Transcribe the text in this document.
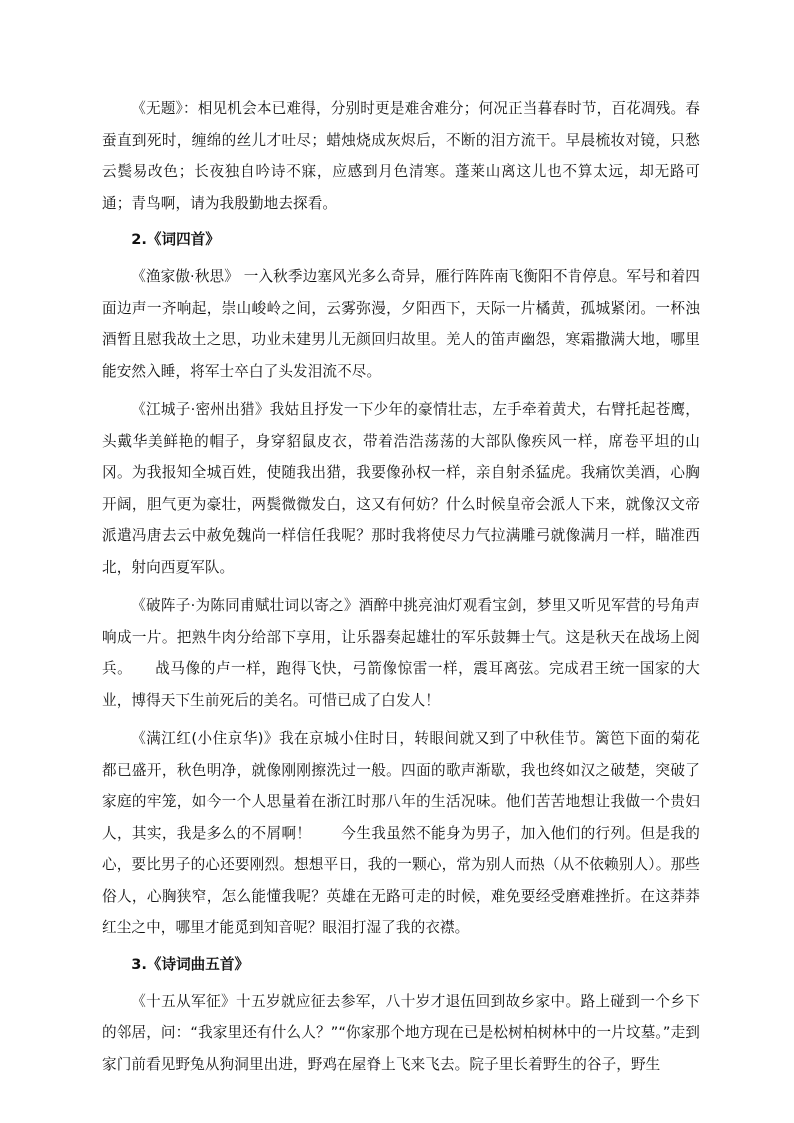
《无题》：相见机会本已难得，分别时更是难舍难分；何况正当暮春时节，百花凋残。春蚕直到死时，缠绵的丝儿才吐尽；蜡烛烧成灰烬后，不断的泪方流干。早晨梳妆对镜，只愁云鬓易改色；长夜独自吟诗不寐，应感到月色清寒。蓬莱山离这儿也不算太远，却无路可通；青鸟啊，请为我殷勤地去探看。

2.《词四首》

《渔家傲·秋思》 一入秋季边塞风光多么奇异，雁行阵阵南飞衡阳不肯停息。军号和着四面边声一齐响起，崇山峻岭之间，云雾弥漫，夕阳西下，天际一片橘黄，孤城紧闭。一杯浊酒暂且慰我故土之思，功业未建男儿无颜回归故里。羌人的笛声幽怨，寒霜撒满大地，哪里能安然入睡，将军士卒白了头发泪流不尽。

《江城子·密州出猎》我姑且抒发一下少年的豪情壮志，左手牵着黄犬，右臂托起苍鹰，头戴华美鲜艳的帽子，身穿貂鼠皮衣，带着浩浩荡荡的大部队像疾风一样，席卷平坦的山冈。为我报知全城百姓，使随我出猎，我要像孙权一样，亲自射杀猛虎。我痛饮美酒，心胸开阔，胆气更为豪壮，两鬓微微发白，这又有何妨？什么时候皇帝会派人下来，就像汉文帝派遣冯唐去云中赦免魏尚一样信任我呢？那时我将使尽力气拉满雕弓就像满月一样，瞄准西北，射向西夏军队。

《破阵子·为陈同甫赋壮词以寄之》酒醉中挑亮油灯观看宝剑，梦里又听见军营的号角声响成一片。把熟牛肉分给部下享用，让乐器奏起雄壮的军乐鼓舞士气。这是秋天在战场上阅兵。　　战马像的卢一样，跑得飞快，弓箭像惊雷一样，震耳离弦。完成君王统一国家的大业，博得天下生前死后的美名。可惜已成了白发人！

《满江红(小住京华)》我在京城小住时日，转眼间就又到了中秋佳节。篱笆下面的菊花都已盛开，秋色明净，就像刚刚擦洗过一般。四面的歌声渐歇，我也终如汉之破楚，突破了家庭的牢笼，如今一个人思量着在浙江时那八年的生活况味。他们苦苦地想让我做一个贵妇人，其实，我是多么的不屑啊！　　今生我虽然不能身为男子，加入他们的行列。但是我的心，要比男子的心还要刚烈。想想平日，我的一颗心，常为别人而热（从不依赖别人）。那些俗人，心胸狭窄，怎么能懂我呢？英雄在无路可走的时候，难免要经受磨难挫折。在这莽莽红尘之中，哪里才能觅到知音呢？眼泪打湿了我的衣襟。

3.《诗词曲五首》

《十五从军征》十五岁就应征去参军，八十岁才退伍回到故乡家中。路上碰到一个乡下的邻居，问：“我家里还有什么人？”“你家那个地方现在已是松树柏树林中的一片坟墓。”走到家门前看见野兔从狗洞里出进，野鸡在屋脊上飞来飞去。院子里长着野生的谷子，野生
